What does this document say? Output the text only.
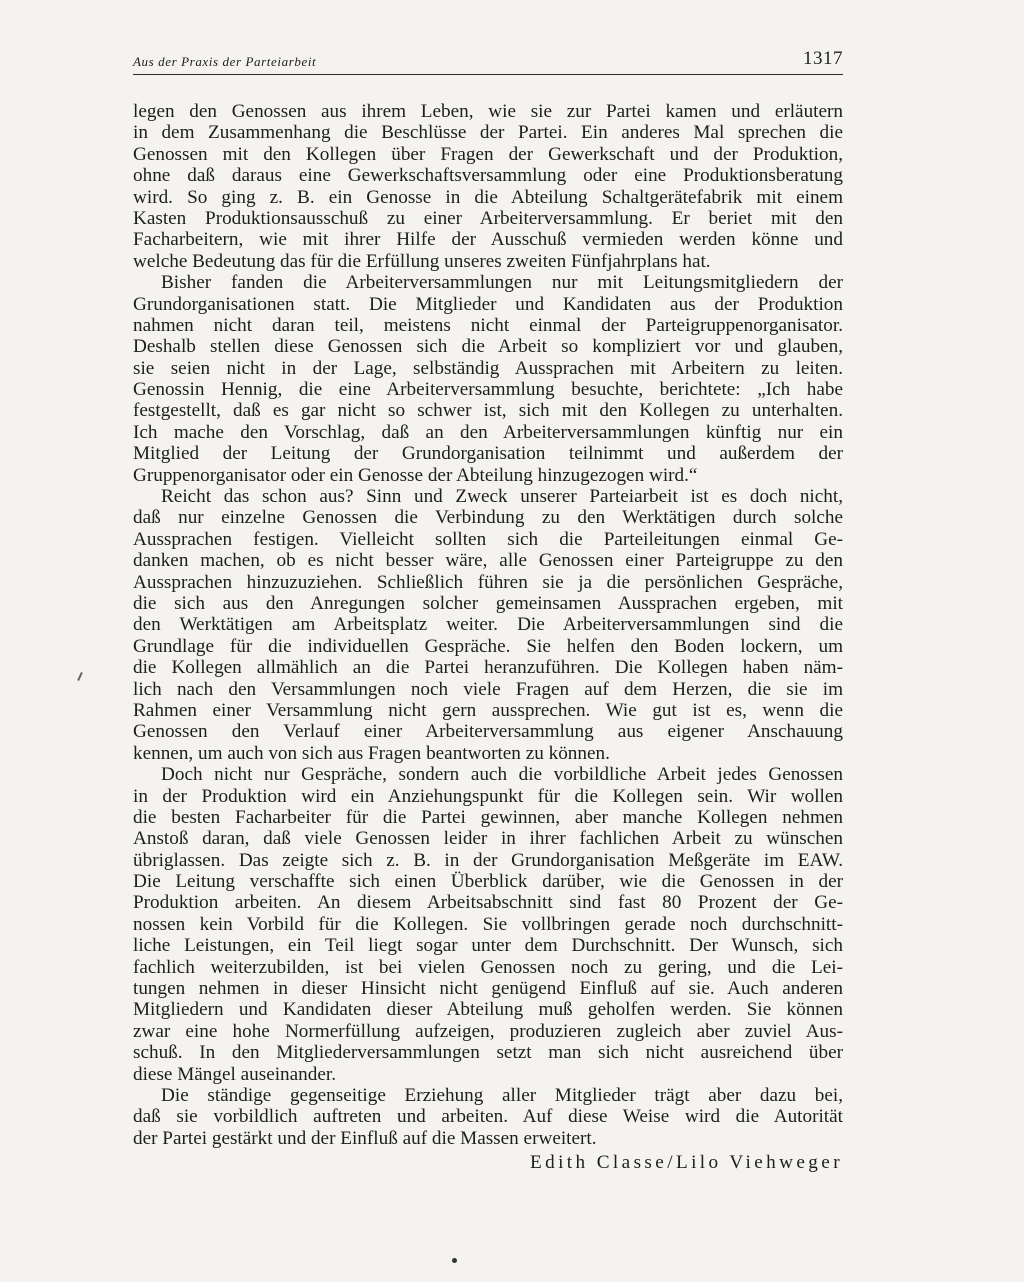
Aus der Praxis der Parteiarbeit	1317
legen den Genossen aus ihrem Leben, wie sie zur Partei kamen und erläutern
in dem Zusammenhang die Beschlüsse der Partei. Ein anderes Mal sprechen die
Genossen mit den Kollegen über Fragen der Gewerkschaft und der Produktion,
ohne daß daraus eine Gewerkschaftsversammlung oder eine Produktionsberatung
wird. So ging z. B. ein Genosse in die Abteilung Schaltgerätefabrik mit einem
Kasten Produktionsausschuß zu einer Arbeiterversammlung. Er beriet mit den
Facharbeitern, wie mit ihrer Hilfe der Ausschuß vermieden werden könne und
welche Bedeutung das für die Erfüllung unseres zweiten Fünfjahrplans hat.
Bisher fanden die Arbeiterversammlungen nur mit Leitungsmitgliedern der
Grundorganisationen statt. Die Mitglieder und Kandidaten aus der Produktion
nahmen nicht daran teil, meistens nicht einmal der Parteigruppenorganisator.
Deshalb stellen diese Genossen sich die Arbeit so kompliziert vor und glauben,
sie seien nicht in der Lage, selbständig Aussprachen mit Arbeitern zu leiten.
Genossin Hennig, die eine Arbeiterversammlung besuchte, berichtete: „Ich habe
festgestellt, daß es gar nicht so schwer ist, sich mit den Kollegen zu unterhalten.
Ich mache den Vorschlag, daß an den Arbeiterversammlungen künftig nur ein
Mitglied der Leitung der Grundorganisation teilnimmt und außerdem der
Gruppenorganisator oder ein Genosse der Abteilung hinzugezogen wird.“
Reicht das schon aus? Sinn und Zweck unserer Parteiarbeit ist es doch nicht,
daß nur einzelne Genossen die Verbindung zu den Werktätigen durch solche
Aussprachen festigen. Vielleicht sollten sich die Parteileitungen einmal Ge-
danken machen, ob es nicht besser wäre, alle Genossen einer Parteigruppe zu den
Aussprachen hinzuzuziehen. Schließlich führen sie ja die persönlichen Gespräche,
die sich aus den Anregungen solcher gemeinsamen Aussprachen ergeben, mit
den Werktätigen am Arbeitsplatz weiter. Die Arbeiterversammlungen sind die
Grundlage für die individuellen Gespräche. Sie helfen den Boden lockern, um
die Kollegen allmählich an die Partei heranzuführen. Die Kollegen haben näm-
lich nach den Versammlungen noch viele Fragen auf dem Herzen, die sie im
Rahmen einer Versammlung nicht gern aussprechen. Wie gut ist es, wenn die
Genossen den Verlauf einer Arbeiterversammlung aus eigener Anschauung
kennen, um auch von sich aus Fragen beantworten zu können.
Doch nicht nur Gespräche, sondern auch die vorbildliche Arbeit jedes Genossen
in der Produktion wird ein Anziehungspunkt für die Kollegen sein. Wir wollen
die besten Facharbeiter für die Partei gewinnen, aber manche Kollegen nehmen
Anstoß daran, daß viele Genossen leider in ihrer fachlichen Arbeit zu wünschen
übriglassen. Das zeigte sich z. B. in der Grundorganisation Meßgeräte im EAW.
Die Leitung verschaffte sich einen Überblick darüber, wie die Genossen in der
Produktion arbeiten. An diesem Arbeitsabschnitt sind fast 80 Prozent der Ge-
nossen kein Vorbild für die Kollegen. Sie vollbringen gerade noch durchschnitt-
liche Leistungen, ein Teil liegt sogar unter dem Durchschnitt. Der Wunsch, sich
fachlich weiterzubilden, ist bei vielen Genossen noch zu gering, und die Lei-
tungen nehmen in dieser Hinsicht nicht genügend Einfluß auf sie. Auch anderen
Mitgliedern und Kandidaten dieser Abteilung muß geholfen werden. Sie können
zwar eine hohe Normerfüllung aufzeigen, produzieren zugleich aber zuviel Aus-
schuß. In den Mitgliederversammlungen setzt man sich nicht ausreichend über
diese Mängel auseinander.
Die ständige gegenseitige Erziehung aller Mitglieder trägt aber dazu bei,
daß sie vorbildlich auftreten und arbeiten. Auf diese Weise wird die Autorität
der Partei gestärkt und der Einfluß auf die Massen erweitert.
Edith Classe/Lilo Viehweger
